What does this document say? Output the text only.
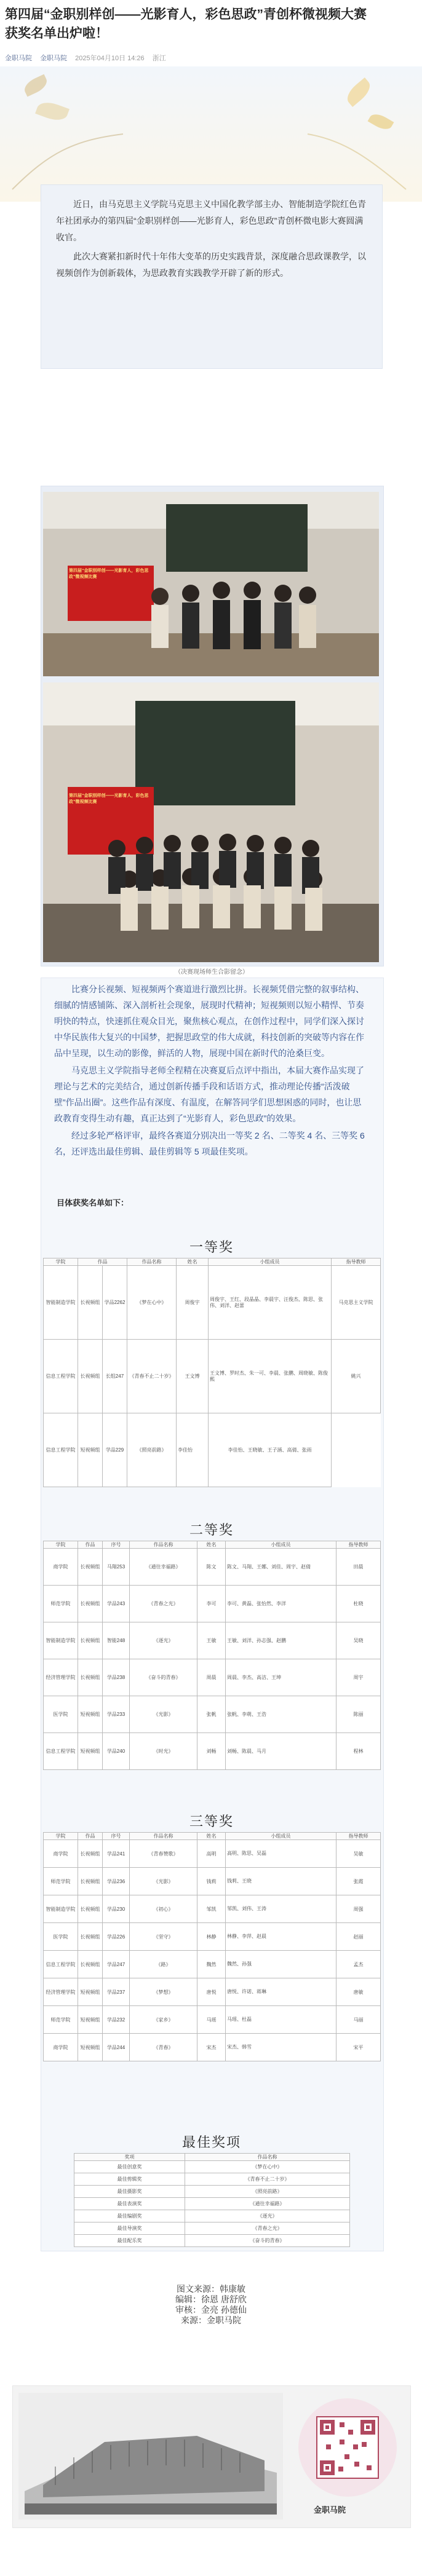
第四届“金职别样创——光影育人，彩色思政”青创杯微视频大赛获奖名单出炉啦！
金职马院 金职马院 2025年04月10日 14:26 浙江

近日，由马克思主义学院马克思主义中国化教学部主办、智能制造学院红色青年社团承办的第四届“金职别样创——光影育人，彩色思政”青创杯微电影大赛圆满收官。

此次大赛紧扣新时代十年伟大变革的历史实践背景，深度融合思政课教学，以视频创作为创新载体，为思政教育实践教学开辟了新的形式。

第四届“金职别样创——光影育人，彩色思政”微视频比赛
第四届“金职别样创——光影育人，彩色思政”微视频比赛
（决赛现场师生合影留念）

比赛分长视频、短视频两个赛道进行激烈比拼。长视频凭借完整的叙事结构、细腻的情感铺陈、深入剖析社会现象，展现时代精神；短视频则以短小精悍、节奏明快的特点，快速抓住观众目光，聚焦核心观点，在创作过程中，同学们深入探讨中华民族伟大复兴的中国梦，把握思政堂的伟大成就，科技创新的突破等内容在作品中呈现，以生动的影像，鲜活的人物，展现中国在新时代的沧桑巨变。

马克思主义学院指导老师全程精在决赛夏后点评中指出，本届大赛作品实现了理论与艺术的完美结合，通过创新传播手段和话语方式，推动理论传播“活泼破壁”作品出圈”。这些作品有深度、有温度，在解答同学们思想困惑的同时，也让思政教育变得生动有趣，真正达到了“光影育人，彩色思政”的效果。

经过多轮严格评审，最终各赛道分别决出一等奖 2 名、二等奖 4 名、三等奖 6 名，还评选出最佳剪辑、最佳剪辑等 5 项最佳奖项。

目体获奖名单如下：
一等奖
学院	作品		作品名称	姓名	小组成员	指导教师
智能制造学院	长视频组	学品2262	《梦在心中》	周俊宇	周俊宇、王红、段晶晶、李晨宇、汪俊杰、陈思、张伟、刘洋、赵蕾	马克思主义学院
信息工程学院	长视频组	长组247	《青春不止二十岁》	王文博	王文博、罗时杰、朱一可、李晨、张鹏、周晓敏、陈俊熙	姚兴
信息工程学院	短视频组	学品229	《照亮前路》	李佳怡	李佳怡、王晓敏、王子涵、高倩、张雨	
二等奖
学院	作品	序号	作品名称	姓名	小组成员	指导教师
商学院	长视频组	马翔253	《通往幸福路》	陈文	陈文、马翔、王娜、刘佳、周宇、赵倩	田晨
师范学院	长视频组	学品243	《青春之光》	李可	李可、黄磊、张怡然、李洋	杜晓
智能制造学院	长视频组	智能248	《逐光》	王敏	王敏、刘洋、孙志强、赵鹏	吴晓
经济管理学院	长视频组	学品238	《奋斗的青春》	周晨	周晨、李杰、高洁、王坤	周宇
医学院	短视频组	学品233	《光影》	张帆	张帆、李萌、王浩	陈丽
信息工程学院	短视频组	学品240	《时光》	刘畅	刘畅、陈晨、马月	程林
三等奖
学院	作品	序号	作品名称	姓名	小组成员	指导教师
商学院	长视频组	学品241	《青春赞歌》	高明	高明、陈思、吴磊	吴敏
师范学院	长视频组	学品236	《光影》	钱莉	钱莉、王晓	张霞
智能制造学院	长视频组	学品230	《初心》	邹凯	邹凯、刘伟、王涛	周强
医学院	长视频组	学品226	《坚守》	林静	林静、李萍、赵晨	赵丽
信息工程学院	长视频组	学品247	《路》	魏然	魏然、孙强	孟杰
经济管理学院	短视频组	学品237	《梦想》	唐悦	唐悦、许诺、蒋琳	唐敏
师范学院	短视频组	学品232	《家乡》	马瑶	马瑶、杜磊	马丽
商学院	短视频组	学品244	《青春》	宋杰	宋杰、韩雪	宋平
最佳奖项
奖项	作品名称
最佳创意奖	《梦在心中》
最佳剪辑奖	《青春不止二十岁》
最佳摄影奖	《照亮前路》
最佳表演奖	《通往幸福路》
最佳编剧奖	《逐光》
最佳导演奖	《青春之光》
最佳配乐奖	《奋斗的青春》
图文来源：韩康敏
编辑：徐恩 唐舒欣
审核：金亮 孙德仙
来源：金职马院
金职马院
